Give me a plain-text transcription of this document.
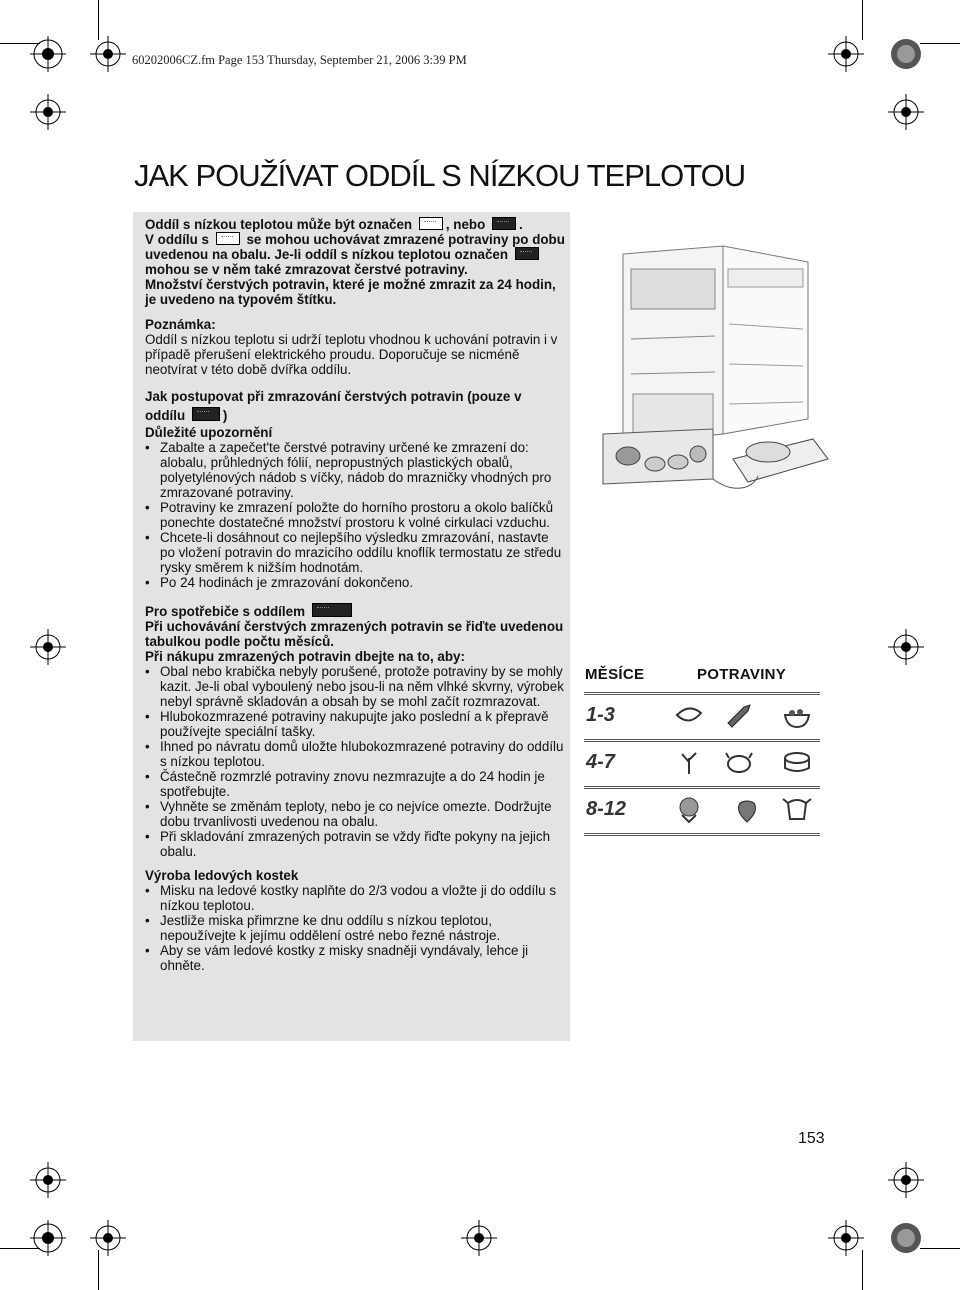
60202006CZ.fm Page 153 Thursday, September 21, 2006 3:39 PM
JAK POUŽÍVAT ODDÍL S NÍZKOU TEPLOTOU

Oddíl s nízkou teplotou může být označen	, nebo	.
V oddílu s	se mohou uchovávat zmrazené potraviny po dobu uvedenou na obalu. Je-li oddíl s nízkou teplotou označen  mohou se v něm také zmrazovat čerstvé potraviny.
Množství čerstvých potravin, které je možné zmrazit za 24 hodin, je uvedeno na typovém štítku.

Poznámka:

Oddíl s nízkou teplotu si udrží teplotu vhodnou k uchování potravin i v případě přerušení elektrického proudu. Doporučuje se nicméně neotvírat v této době dvířka oddílu.

Jak postupovat při zmrazování čerstvých potravin (pouze v oddílu	)

Důležité upozornění

• Zabalte a zapečet'te čerstvé potraviny určené ke zmrazení do:

alobalu, průhledných fólií, nepropustných plastických obalů, polyetylénových nádob s víčky, nádob do mrazničky vhodných pro zmrazované potraviny.
• Potraviny ke zmrazení položte do horního prostoru a okolo balíčků ponechte dostatečné množství prostoru k volné cirkulaci vzduchu.
• Chcete-li dosáhnout co nejlepšího výsledku zmrazování, nastavte po vložení potravin do mrazicího oddílu knoflík termostatu ze středu rysky směrem k nižším hodnotám.
• Po 24 hodinách je zmrazování dokončeno.

Pro spotřebiče s oddílem

Při uchovávání čerstvých zmrazených potravin se řiďte uvedenou tabulkou podle počtu měsíců.

Při nákupu zmrazených potravin dbejte na to, aby:

• Obal nebo krabička nebyly porušené, protože potraviny by se mohly kazit. Je-li obal vyboulený nebo jsou-li na něm vlhké skvrny, výrobek nebyl správně skladován a obsah by se mohl začít rozmrazovat.
• Hlubokozmrazené potraviny nakupujte jako poslední a k přepravě používejte speciální tašky.
• Ihned po návratu domů uložte hlubokozmrazené potraviny do oddílu s nízkou teplotou.
• Částečně rozmrzlé potraviny znovu nezmrazujte a do 24 hodin je spotřebujte.
• Vyhněte se změnám teploty, nebo je co nejvíce omezte. Dodržujte dobu trvanlivosti uvedenou na obalu.
• Při skladování zmrazených potravin se vždy řiďte pokyny na jejich obalu.

Výroba ledových kostek

• Misku na ledové kostky naplňte do 2/3 vodou a vložte ji do oddílu s nízkou teplotou.
• Jestliže miska přimrzne ke dnu oddílu s nízkou teplotou, nepoužívejte k jejímu oddělení ostré nebo řezné nástroje.
• Aby se vám ledové kostky z misky snadněji vyndávaly, lehce ji ohněte.
MĚSÍCE	POTRAVINY
1-3
4-7
8-12
153
